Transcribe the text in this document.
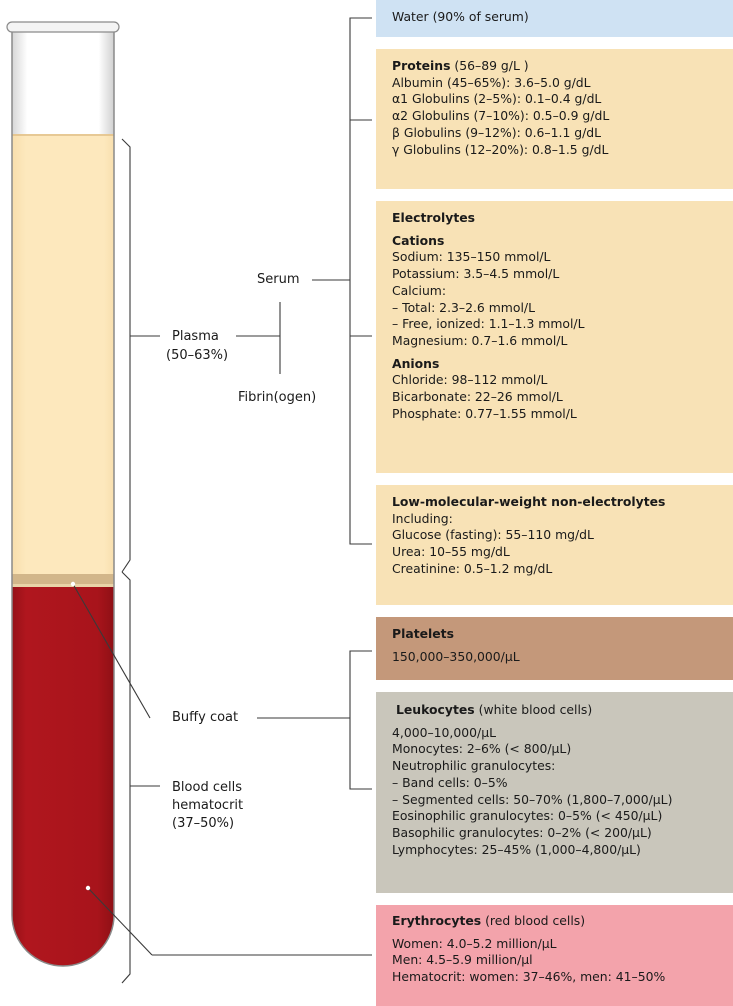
Serum
Plasma
(50–63%)
Fibrin(ogen)
Buffy coat
Blood cells
hematocrit
(37–50%)
Water (90% of serum)
Proteins (56–89 g/L )
Albumin (45–65%): 3.6–5.0 g/dL
α1 Globulins (2–5%): 0.1–0.4 g/dL
α2 Globulins (7–10%): 0.5–0.9 g/dL
β Globulins (9–12%): 0.6–1.1 g/dL
γ Globulins (12–20%): 0.8–1.5 g/dL
Electrolytes
Cations
Sodium: 135–150 mmol/L
Potassium: 3.5–4.5 mmol/L
Calcium:
– Total: 2.3–2.6 mmol/L
– Free, ionized: 1.1–1.3 mmol/L
Magnesium: 0.7–1.6 mmol/L
Anions
Chloride: 98–112 mmol/L
Bicarbonate: 22–26 mmol/L
Phosphate: 0.77–1.55 mmol/L
Low-molecular-weight non-electrolytes
Including:
Glucose (fasting): 55–110 mg/dL
Urea: 10–55 mg/dL
Creatinine: 0.5–1.2 mg/dL
Platelets
150,000–350,000/μL
Leukocytes (white blood cells)
4,000–10,000/μL
Monocytes: 2–6% (< 800/μL)
Neutrophilic granulocytes:
– Band cells: 0–5%
– Segmented cells: 50–70% (1,800–7,000/μL)
Eosinophilic granulocytes: 0–5% (< 450/μL)
Basophilic granulocytes: 0–2% (< 200/μL)
Lymphocytes: 25–45% (1,000–4,800/μL)
Erythrocytes (red blood cells)
Women: 4.0–5.2 million/μL
Men: 4.5–5.9 million/μl
Hematocrit: women: 37–46%, men: 41–50%
